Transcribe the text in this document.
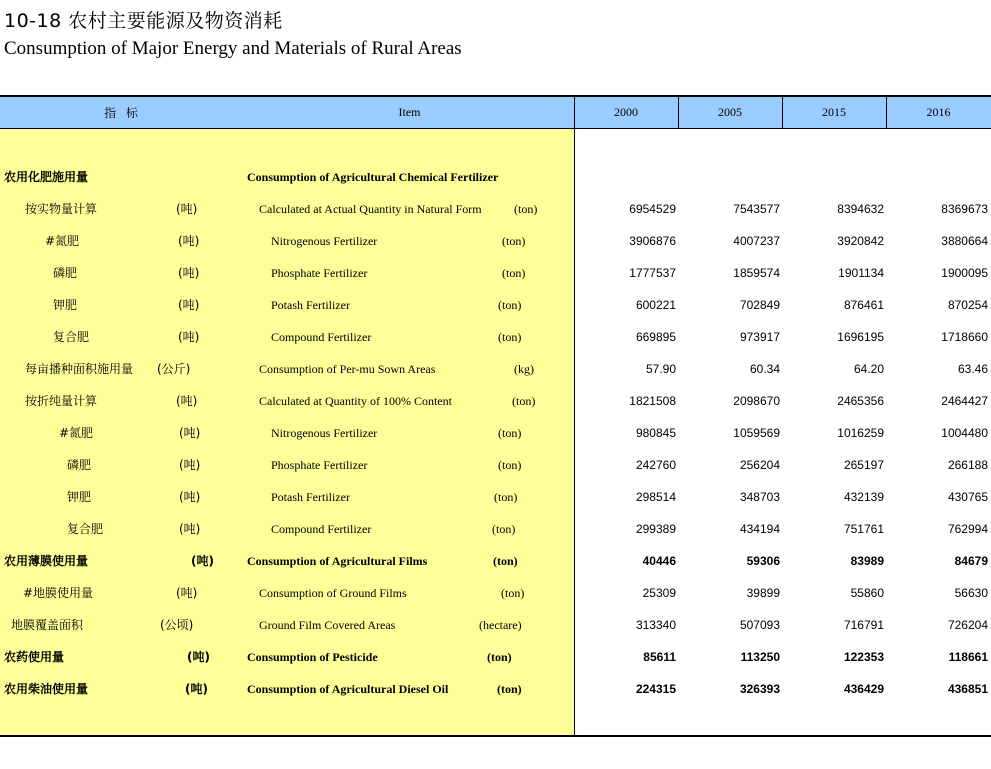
10-18 农村主要能源及物资消耗
Consumption of Major Energy and Materials of Rural Areas
指 标	Item	2000	2005	2015	2016
农用化肥施用量	Consumption of Agricultural Chemical Fertilizer
按实物量计算	(吨)	Calculated at Actual Quantity in Natural Form	(ton)	6954529	7543577	8394632	8369673
#氮肥	(吨)	Nitrogenous Fertilizer	(ton)	3906876	4007237	3920842	3880664
磷肥	(吨)	Phosphate Fertilizer	(ton)	1777537	1859574	1901134	1900095
钾肥	(吨)	Potash Fertilizer	(ton)	600221	702849	876461	870254
复合肥	(吨)	Compound Fertilizer	(ton)	669895	973917	1696195	1718660
每亩播种面积施用量 (公斤)	Consumption of Per-mu Sown Areas	(kg)	57.90	60.34	64.20	63.46
按折纯量计算	(吨)	Calculated at Quantity of 100% Content	(ton)	1821508	2098670	2465356	2464427
#氮肥	(吨)	Nitrogenous Fertilizer	(ton)	980845	1059569	1016259	1004480
磷肥	(吨)	Phosphate Fertilizer	(ton)	242760	256204	265197	266188
钾肥	(吨)	Potash Fertilizer	(ton)	298514	348703	432139	430765
复合肥	(吨)	Compound Fertilizer	(ton)	299389	434194	751761	762994
农用薄膜使用量	(吨)	Consumption of Agricultural Films	(ton)	40446	59306	83989	84679
#地膜使用量	(吨)	Consumption of Ground Films	(ton)	25309	39899	55860	56630
地膜覆盖面积	(公顷)	Ground Film Covered Areas	(hectare)	313340	507093	716791	726204
农药使用量	(吨)	Consumption of Pesticide	(ton)	85611	113250	122353	118661
农用柴油使用量	(吨)	Consumption of Agricultural Diesel Oil	(ton)	224315	326393	436429	436851
